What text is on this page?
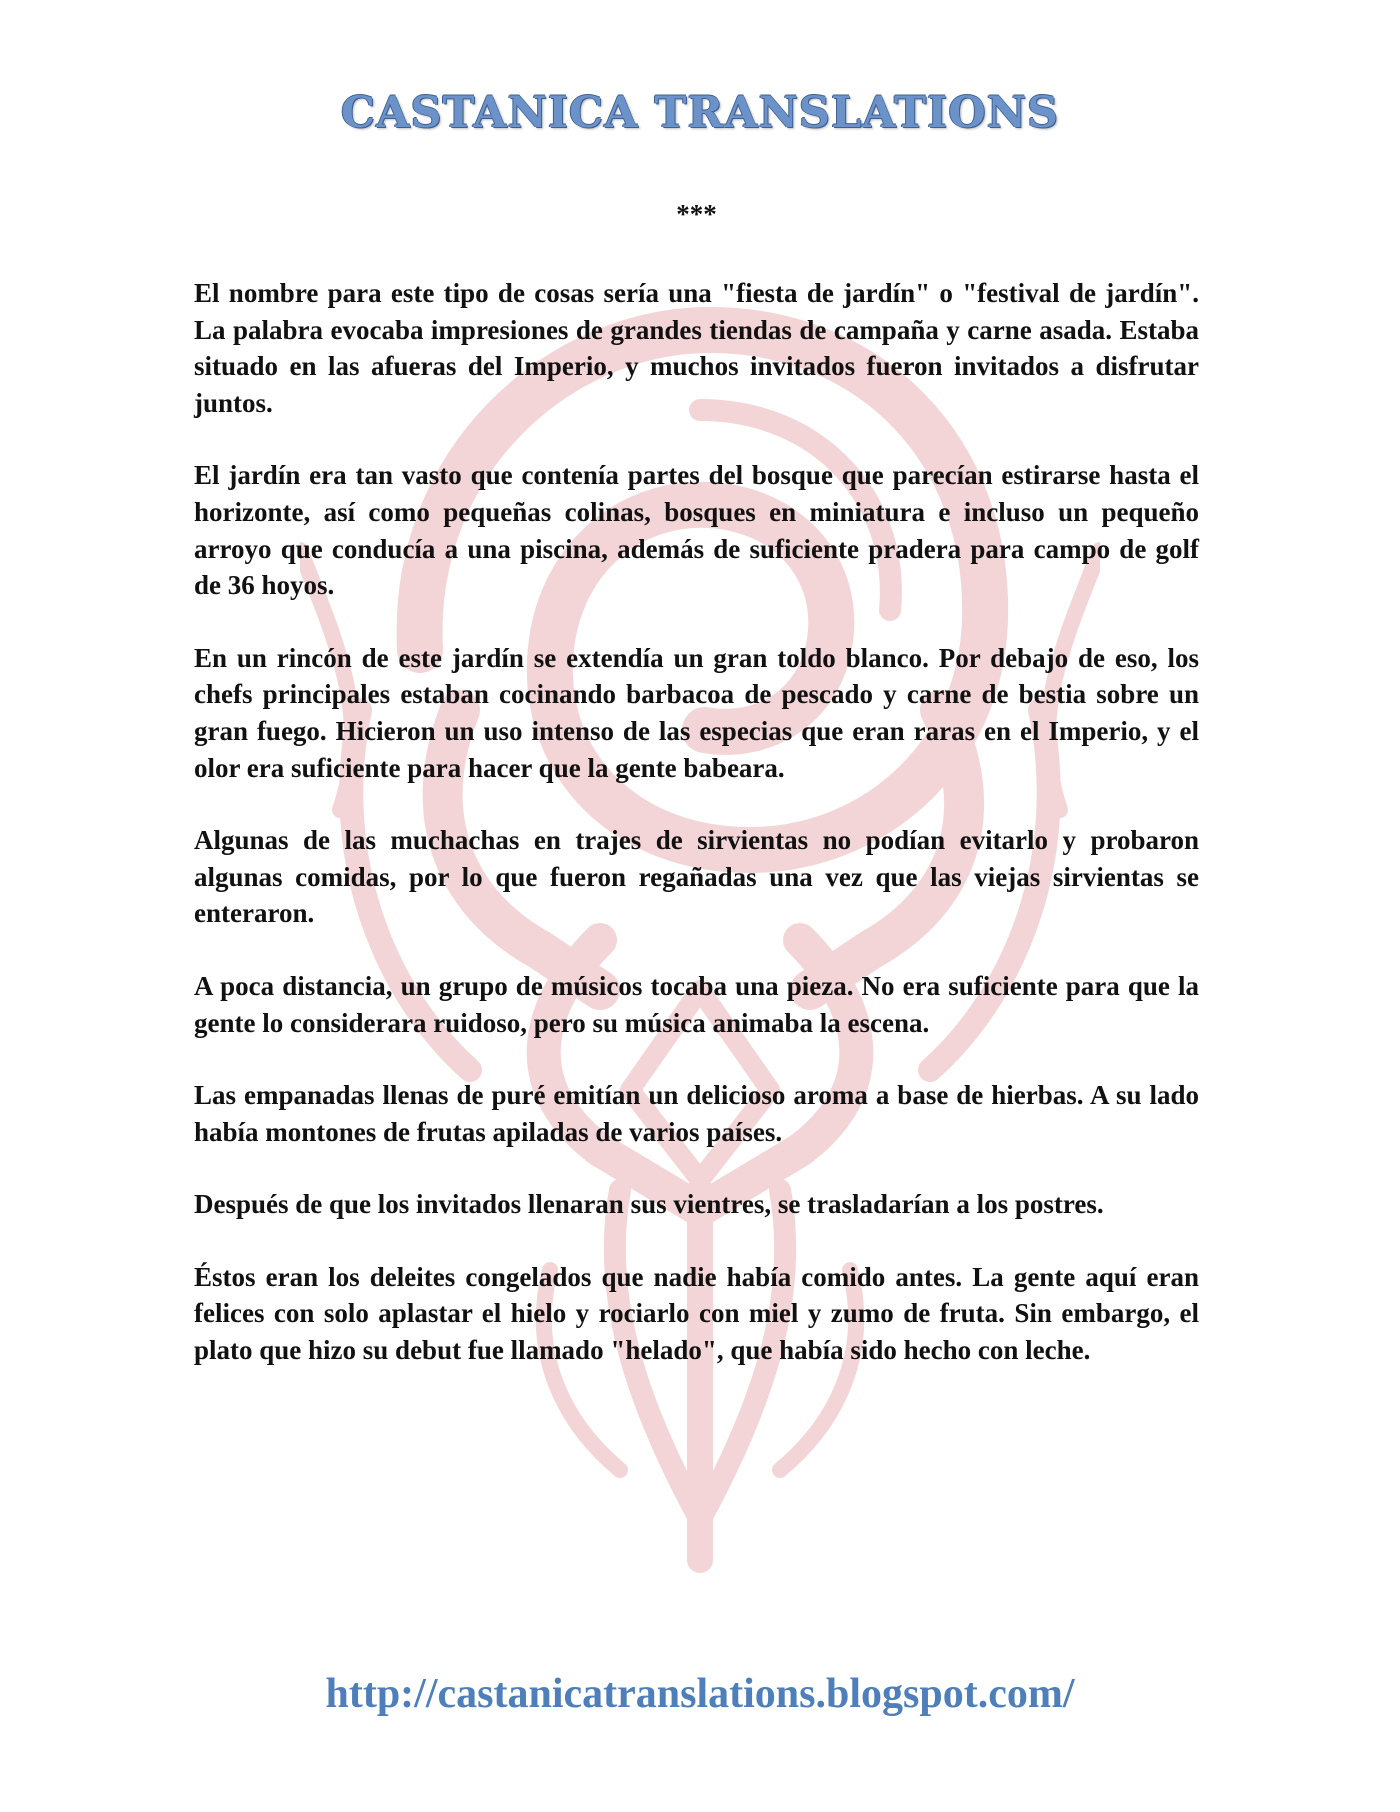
CASTANICA TRANSLATIONS
***

El nombre para este tipo de cosas sería una "fiesta de jardín" o "festival de jardín". La palabra evocaba impresiones de grandes tiendas de campaña y carne asada. Estaba situado en las afueras del Imperio, y muchos invitados fueron invitados a disfrutar juntos.

El jardín era tan vasto que contenía partes del bosque que parecían estirarse hasta el horizonte, así como pequeñas colinas, bosques en miniatura e incluso un pequeño arroyo que conducía a una piscina, además de suficiente pradera para campo de golf de 36 hoyos.

En un rincón de este jardín se extendía un gran toldo blanco. Por debajo de eso, los chefs principales estaban cocinando barbacoa de pescado y carne de bestia sobre un gran fuego. Hicieron un uso intenso de las especias que eran raras en el Imperio, y el olor era suficiente para hacer que la gente babeara.

Algunas de las muchachas en trajes de sirvientas no podían evitarlo y probaron algunas comidas, por lo que fueron regañadas una vez que las viejas sirvientas se enteraron.

A poca distancia, un grupo de músicos tocaba una pieza. No era suficiente para que la gente lo considerara ruidoso, pero su música animaba la escena.

Las empanadas llenas de puré emitían un delicioso aroma a base de hierbas. A su lado había montones de frutas apiladas de varios países.

Después de que los invitados llenaran sus vientres, se trasladarían a los postres.

Éstos eran los deleites congelados que nadie había comido antes. La gente aquí eran felices con solo aplastar el hielo y rociarlo con miel y zumo de fruta. Sin embargo, el plato que hizo su debut fue llamado "helado", que había sido hecho con leche.

http://castanicatranslations.blogspot.com/
